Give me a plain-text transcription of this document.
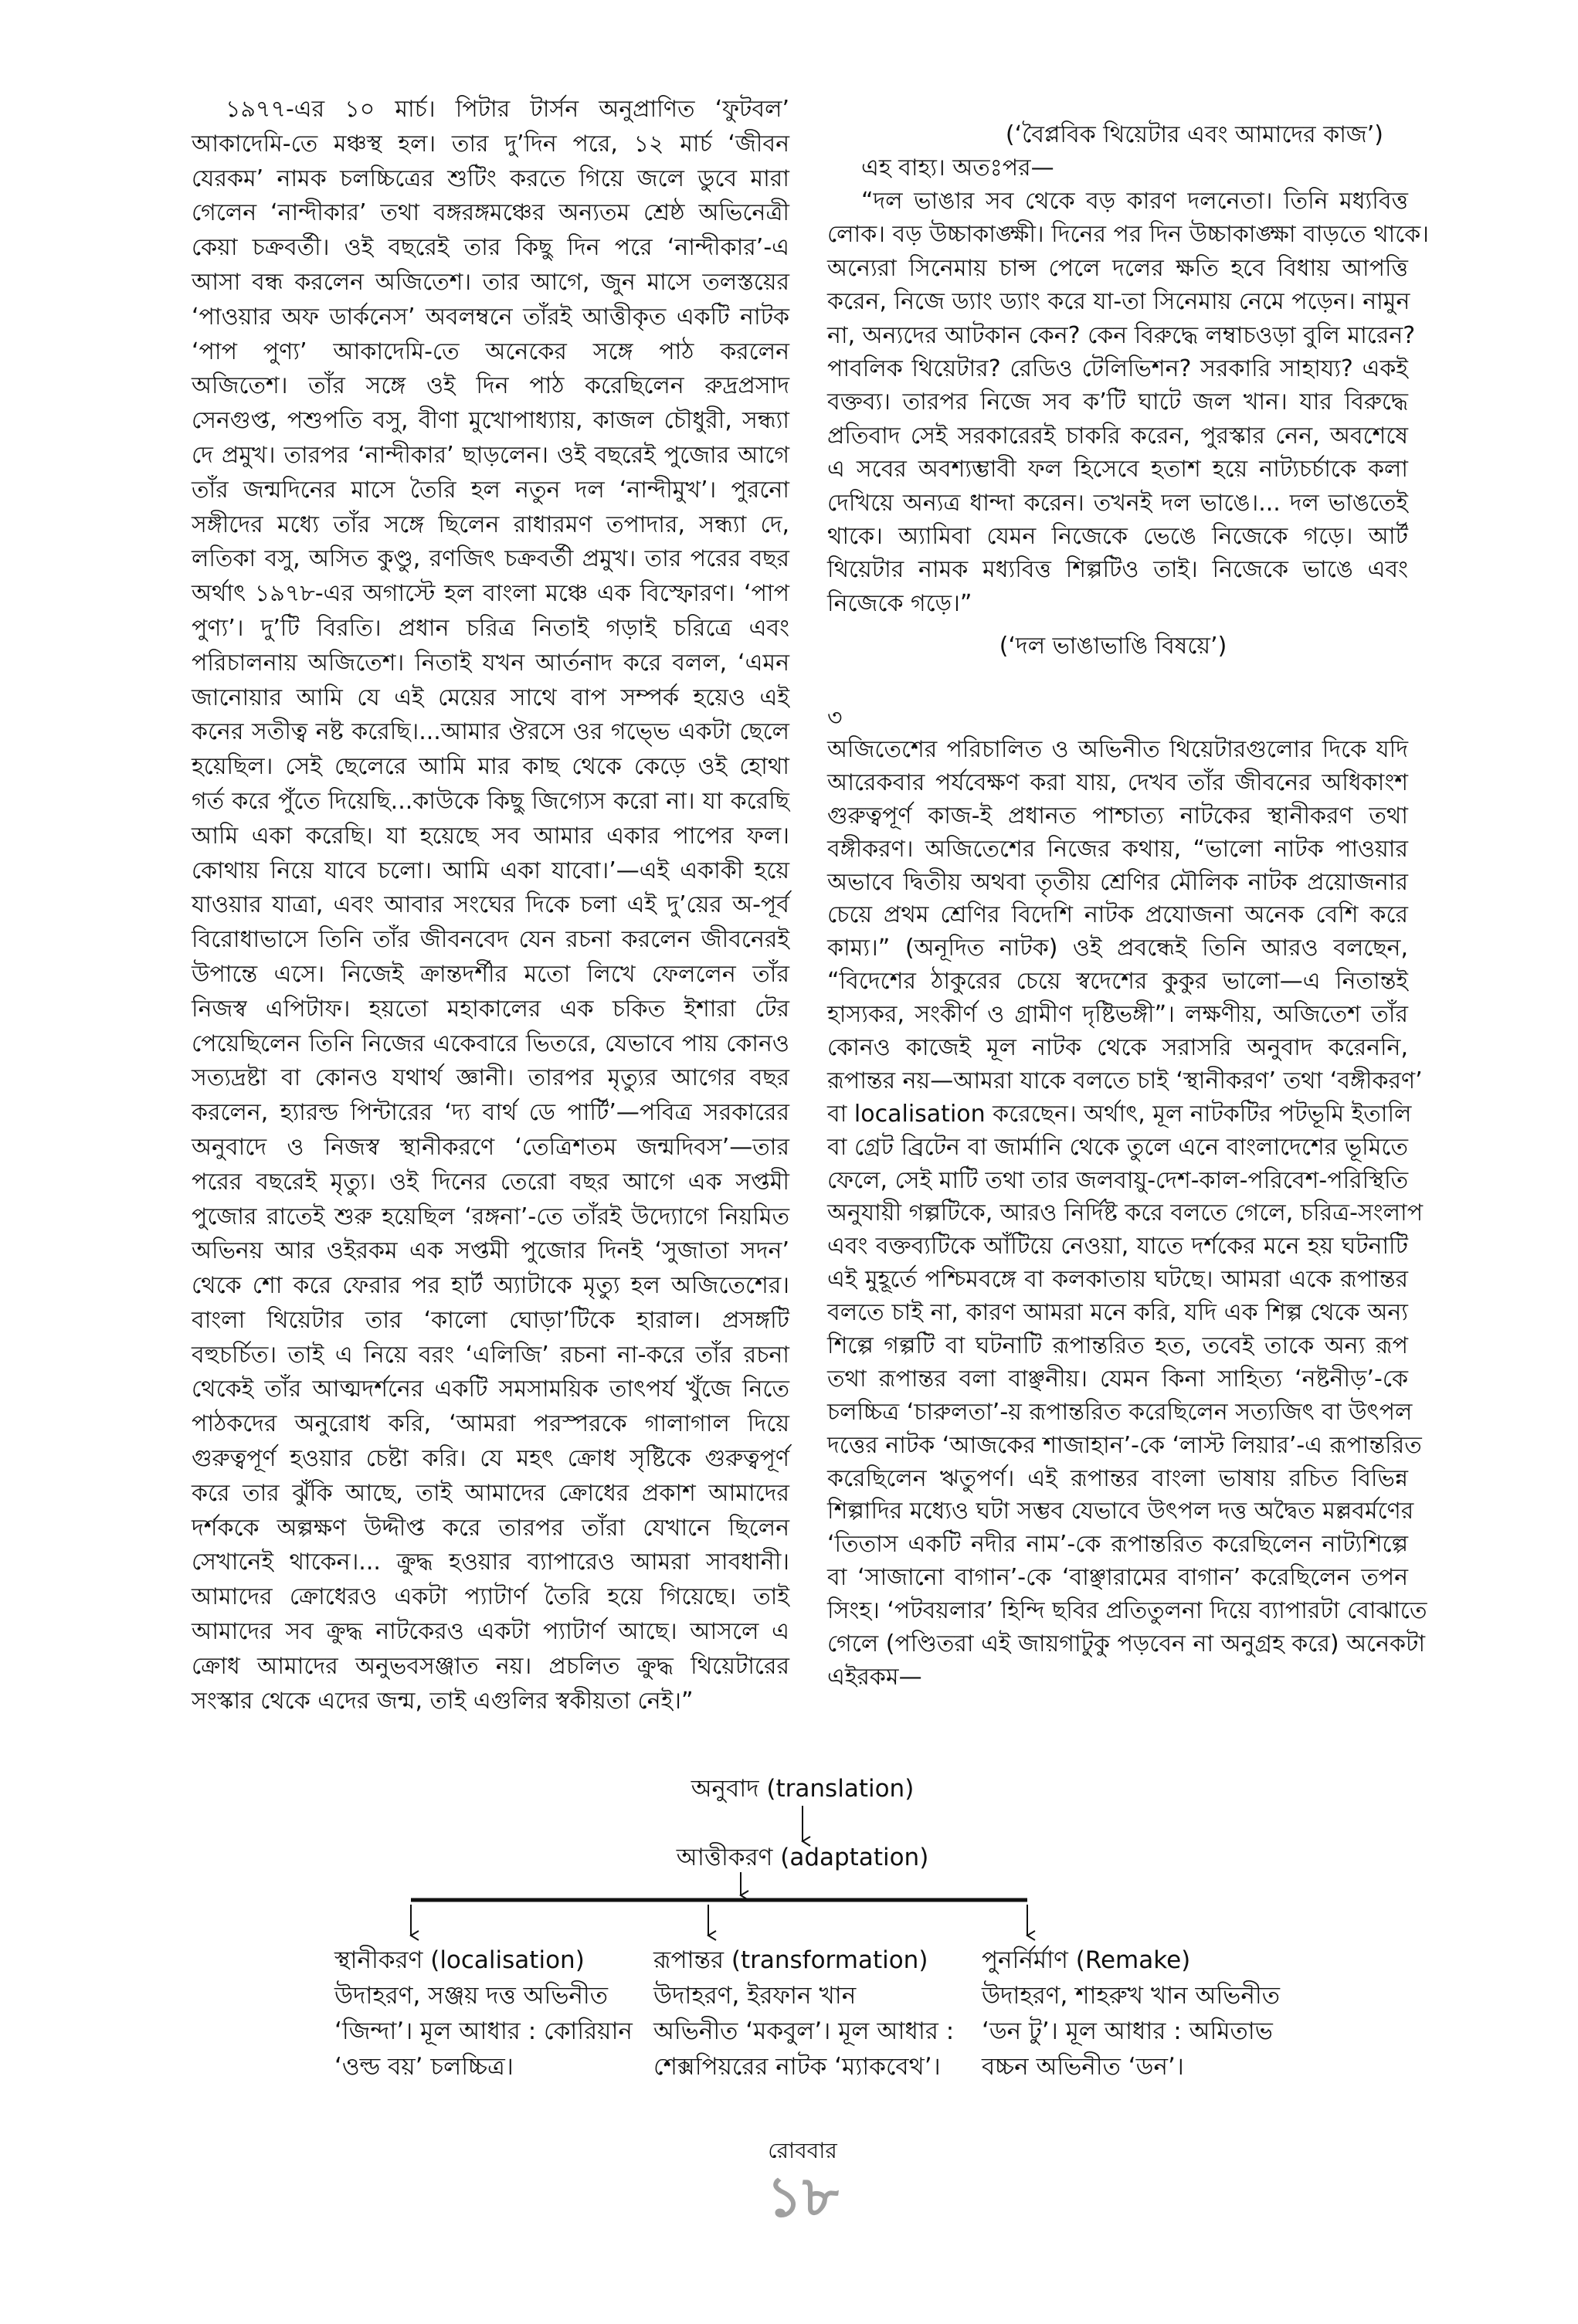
১৯৭৭-এর ১০ মার্চ। পিটার টার্সন অনুপ্রাণিত ‘ফুটবল’
আকাদেমি-তে মঞ্চস্থ হল। তার দু’দিন পরে, ১২ মার্চ ‘জীবন
যেরকম’ নামক চলচ্চিত্রের শুটিং করতে গিয়ে জলে ডুবে মারা
গেলেন ‘নান্দীকার’ তথা বঙ্গরঙ্গমঞ্চের অন্যতম শ্রেষ্ঠ অভিনেত্রী
কেয়া চক্রবর্তী। ওই বছরেই তার কিছু দিন পরে ‘নান্দীকার’-এ
আসা বন্ধ করলেন অজিতেশ। তার আগে, জুন মাসে তলস্তয়ের
‘পাওয়ার অফ ডার্কনেস’ অবলম্বনে তাঁরই আত্তীকৃত একটি নাটক
‘পাপ পুণ্য’ আকাদেমি-তে অনেকের সঙ্গে পাঠ করলেন
অজিতেশ। তাঁর সঙ্গে ওই দিন পাঠ করেছিলেন রুদ্রপ্রসাদ
সেনগুপ্ত, পশুপতি বসু, বীণা মুখোপাধ্যায়, কাজল চৌধুরী, সন্ধ্যা
দে প্রমুখ। তারপর ‘নান্দীকার’ ছাড়লেন। ওই বছরেই পুজোর আগে
তাঁর জন্মদিনের মাসে তৈরি হল নতুন দল ‘নান্দীমুখ’। পুরনো
সঙ্গীদের মধ্যে তাঁর সঙ্গে ছিলেন রাধারমণ তপাদার, সন্ধ্যা দে,
লতিকা বসু, অসিত কুণ্ডু, রণজিৎ চক্রবর্তী প্রমুখ। তার পরের বছর
অর্থাৎ ১৯৭৮-এর অগাস্টে হল বাংলা মঞ্চে এক বিস্ফোরণ। ‘পাপ
পুণ্য’। দু’টি বিরতি। প্রধান চরিত্র নিতাই গড়াই চরিত্রে এবং
পরিচালনায় অজিতেশ। নিতাই যখন আর্তনাদ করে বলল, ‘এমন
জানোয়ার আমি যে এই মেয়ের সাথে বাপ সম্পর্ক হয়েও এই
কনের সতীত্ব নষ্ট করেছি।...আমার ঔরসে ওর গভ্ভে একটা ছেলে
হয়েছিল। সেই ছেলেরে আমি মার কাছ থেকে কেড়ে ওই হোথা
গর্ত করে পুঁতে দিয়েছি...কাউকে কিছু জিগ্যেস করো না। যা করেছি
আমি একা করেছি। যা হয়েছে সব আমার একার পাপের ফল।
কোথায় নিয়ে যাবে চলো। আমি একা যাবো।’—এই একাকী হয়ে
যাওয়ার যাত্রা, এবং আবার সংঘের দিকে চলা এই দু’য়ের অ-পূর্ব
বিরোধাভাসে তিনি তাঁর জীবনবেদ যেন রচনা করলেন জীবনেরই
উপান্তে এসে। নিজেই ক্রান্তদর্শীর মতো লিখে ফেললেন তাঁর
নিজস্ব এপিটাফ। হয়তো মহাকালের এক চকিত ইশারা টের
পেয়েছিলেন তিনি নিজের একেবারে ভিতরে, যেভাবে পায় কোনও
সত্যদ্রষ্টা বা কোনও যথার্থ জ্ঞানী। তারপর মৃত্যুর আগের বছর
করলেন, হ্যারল্ড পিন্টারের ‘দ্য বার্থ ডে পার্টি’—পবিত্র সরকারের
অনুবাদে ও নিজস্ব স্থানীকরণে ‘তেত্রিশতম জন্মদিবস’—তার
পরের বছরেই মৃত্যু। ওই দিনের তেরো বছর আগে এক সপ্তমী
পুজোর রাতেই শুরু হয়েছিল ‘রঙ্গনা’-তে তাঁরই উদ্যোগে নিয়মিত
অভিনয় আর ওইরকম এক সপ্তমী পুজোর দিনই ‘সুজাতা সদন’
থেকে শো করে ফেরার পর হার্ট অ্যাটাকে মৃত্যু হল অজিতেশের।
বাংলা থিয়েটার তার ‘কালো ঘোড়া’টিকে হারাল। প্রসঙ্গটি
বহুচর্চিত। তাই এ নিয়ে বরং ‘এলিজি’ রচনা না-করে তাঁর রচনা
থেকেই তাঁর আত্মদর্শনের একটি সমসাময়িক তাৎপর্য খুঁজে নিতে
পাঠকদের অনুরোধ করি, ‘আমরা পরস্পরকে গালাগাল দিয়ে
গুরুত্বপূর্ণ হওয়ার চেষ্টা করি। যে মহৎ ক্রোধ সৃষ্টিকে গুরুত্বপূর্ণ
করে তার ঝুঁকি আছে, তাই আমাদের ক্রোধের প্রকাশ আমাদের
দর্শককে অল্পক্ষণ উদ্দীপ্ত করে তারপর তাঁরা যেখানে ছিলেন
সেখানেই থাকেন।... ক্রুদ্ধ হওয়ার ব্যাপারেও আমরা সাবধানী।
আমাদের ক্রোধেরও একটা প্যাটার্ণ তৈরি হয়ে গিয়েছে। তাই
আমাদের সব ক্রুদ্ধ নাটকেরও একটা প্যাটার্ণ আছে। আসলে এ
ক্রোধ আমাদের অনুভবসঞ্জাত নয়। প্রচলিত ক্রুদ্ধ থিয়েটারের
সংস্কার থেকে এদের জন্ম, তাই এগুলির স্বকীয়তা নেই।”
(‘বৈপ্লবিক থিয়েটার এবং আমাদের কাজ’)
এহ বাহ্য। অতঃপর—
“দল ভাঙার সব থেকে বড় কারণ দলনেতা। তিনি মধ্যবিত্ত
লোক। বড় উচ্চাকাঙ্ক্ষী। দিনের পর দিন উচ্চাকাঙ্ক্ষা বাড়তে থাকে।
অন্যেরা সিনেমায় চান্স পেলে দলের ক্ষতি হবে বিধায় আপত্তি
করেন, নিজে ড্যাং ড্যাং করে যা-তা সিনেমায় নেমে পড়েন। নামুন
না, অন্যদের আটকান কেন? কেন বিরুদ্ধে লম্বাচওড়া বুলি মারেন?
পাবলিক থিয়েটার? রেডিও টেলিভিশন? সরকারি সাহায্য? একই
বক্তব্য। তারপর নিজে সব ক’টি ঘাটে জল খান। যার বিরুদ্ধে
প্রতিবাদ সেই সরকারেরই চাকরি করেন, পুরস্কার নেন, অবশেষে
এ সবের অবশ্যম্ভাবী ফল হিসেবে হতাশ হয়ে নাট্যচর্চাকে কলা
দেখিয়ে অন্যত্র ধান্দা করেন। তখনই দল ভাঙে।... দল ভাঙতেই
থাকে। অ্যামিবা যেমন নিজেকে ভেঙে নিজেকে গড়ে। আর্ট
থিয়েটার নামক মধ্যবিত্ত শিল্পটিও তাই। নিজেকে ভাঙে এবং
নিজেকে গড়ে।”
(‘দল ভাঙাভাঙি বিষয়ে’)
৩
অজিতেশের পরিচালিত ও অভিনীত থিয়েটারগুলোর দিকে যদি
আরেকবার পর্যবেক্ষণ করা যায়, দেখব তাঁর জীবনের অধিকাংশ
গুরুত্বপূর্ণ কাজ-ই প্রধানত পাশ্চাত্য নাটকের স্থানীকরণ তথা
বঙ্গীকরণ। অজিতেশের নিজের কথায়, “ভালো নাটক পাওয়ার
অভাবে দ্বিতীয় অথবা তৃতীয় শ্রেণির মৌলিক নাটক প্রয়োজনার
চেয়ে প্রথম শ্রেণির বিদেশি নাটক প্রযোজনা অনেক বেশি করে
কাম্য।” (অনূদিত নাটক) ওই প্রবন্ধেই তিনি আরও বলছেন,
“বিদেশের ঠাকুরের চেয়ে স্বদেশের কুকুর ভালো—এ নিতান্তই
হাস্যকর, সংকীর্ণ ও গ্রামীণ দৃষ্টিভঙ্গী”। লক্ষণীয়, অজিতেশ তাঁর
কোনও কাজেই মূল নাটক থেকে সরাসরি অনুবাদ করেননি,
রূপান্তর নয়—আমরা যাকে বলতে চাই ‘স্থানীকরণ’ তথা ‘বঙ্গীকরণ’
বা localisation করেছেন। অর্থাৎ, মূল নাটকটির পটভূমি ইতালি
বা গ্রেট ব্রিটেন বা জার্মানি থেকে তুলে এনে বাংলাদেশের ভূমিতে
ফেলে, সেই মাটি তথা তার জলবায়ু-দেশ-কাল-পরিবেশ-পরিস্থিতি
অনুযায়ী গল্পটিকে, আরও নির্দিষ্ট করে বলতে গেলে, চরিত্র-সংলাপ
এবং বক্তব্যটিকে আঁটিয়ে নেওয়া, যাতে দর্শকের মনে হয় ঘটনাটি
এই মুহূর্তে পশ্চিমবঙ্গে বা কলকাতায় ঘটছে। আমরা একে রূপান্তর
বলতে চাই না, কারণ আমরা মনে করি, যদি এক শিল্প থেকে অন্য
শিল্পে গল্পটি বা ঘটনাটি রূপান্তরিত হত, তবেই তাকে অন্য রূপ
তথা রূপান্তর বলা বাঞ্ছনীয়। যেমন কিনা সাহিত্য ‘নষ্টনীড়’-কে
চলচ্চিত্র ‘চারুলতা’-য় রূপান্তরিত করেছিলেন সত্যজিৎ বা উৎপল
দত্তের নাটক ‘আজকের শাজাহান’-কে ‘লাস্ট লিয়ার’-এ রূপান্তরিত
করেছিলেন ঋতুপর্ণ। এই রূপান্তর বাংলা ভাষায় রচিত বিভিন্ন
শিল্পাদির মধ্যেও ঘটা সম্ভব যেভাবে উৎপল দত্ত অদ্বৈত মল্লবর্মণের
‘তিতাস একটি নদীর নাম’-কে রূপান্তরিত করেছিলেন নাট্যশিল্পে
বা ‘সাজানো বাগান’-কে ‘বাঞ্ছারামের বাগান’ করেছিলেন তপন
সিংহ। ‘পটবয়লার’ হিন্দি ছবির প্রতিতুলনা দিয়ে ব্যাপারটা বোঝাতে
গেলে (পণ্ডিতরা এই জায়গাটুকু পড়বেন না অনুগ্রহ করে) অনেকটা
এইরকম—
অনুবাদ (translation)
আত্তীকরণ (adaptation)
স্থানীকরণ (localisation)
উদাহরণ, সঞ্জয় দত্ত অভিনীত
‘জিন্দা’। মূল আধার : কোরিয়ান
‘ওল্ড বয়’ চলচ্চিত্র।
রূপান্তর (transformation)
উদাহরণ, ইরফান খান
অভিনীত ‘মকবুল’। মূল আধার :
শেক্সপিয়রের নাটক ‘ম্যাকবেথ’।
পুনর্নির্মাণ (Remake)
উদাহরণ, শাহরুখ খান অভিনীত
‘ডন টু’। মূল আধার : অমিতাভ
বচ্চন অভিনীত ‘ডন’।
রোববার
১৮
